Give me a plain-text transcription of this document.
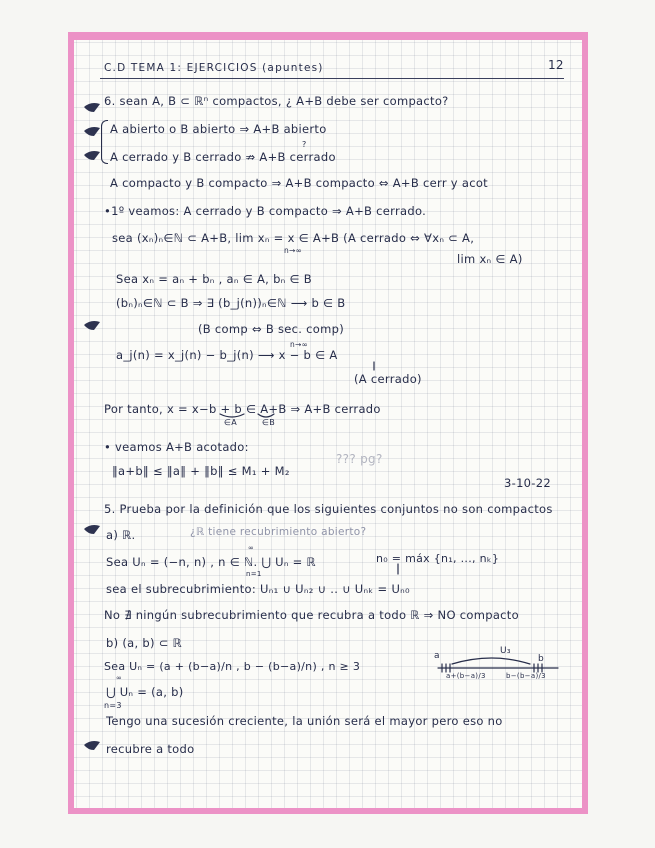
C.D TEMA 1: EJERCICIOS (apuntes)	12
6. sean A, B ⊂ ℝⁿ compactos, ¿ A+B debe ser compacto?
A abierto o B abierto ⇒ A+B abierto
A cerrado y B cerrado ⇏ A+B cerrado
?
A compacto y B compacto ⇒ A+B compacto ⇔ A+B cerr y acot
•1º veamos: A cerrado y B compacto ⇒ A+B cerrado.
sea (xₙ)ₙ∈ℕ ⊂ A+B, lim xₙ = x ∈ A+B (A cerrado ⇔ ∀xₙ ⊂ A,
n→∞
lim xₙ ∈ A)
Sea xₙ = aₙ + bₙ , aₙ ∈ A, bₙ ∈ B
(bₙ)ₙ∈ℕ ⊂ B ⇒ ∃ (b_j(n))ₙ∈ℕ ⟶ b ∈ B
(B comp ⇔ B sec. comp)
a_j(n) = x_j(n) − b_j(n) ⟶ x − b ∈ A
n→∞
(A cerrado)
Por tanto, x = x−b + b ∈ A+B ⇒ A+B cerrado
∈A	∈B
• veamos A+B acotado:
‖a+b‖ ≤ ‖a‖ + ‖b‖ ≤ M₁ + M₂
??? pg?
3-10-22
5. Prueba por la definición que los siguientes conjuntos no son compactos
a) ℝ.	¿ℝ tiene recubrimiento abierto?
∞
Sea Uₙ = (−n, n) , n ∈ ℕ. ⋃ Uₙ = ℝ
n=1
n₀ = máx {n₁, ..., nₖ}
sea el subrecubrimiento: Uₙ₁ ∪ Uₙ₂ ∪ .. ∪ Uₙₖ = Uₙ₀
No ∄ ningún subrecubrimiento que recubra a todo ℝ ⇒ NO compacto
b) (a, b) ⊂ ℝ
Sea Uₙ = (a + (b−a)/n , b − (b−a)/n) , n ≥ 3
∞
⋃ Uₙ = (a, b)
n=3
Tengo una sucesión creciente, la unión será el mayor pero eso no
recubre a todo
a	U₃
b
a+(b−a)/3	b−(b−a)/3
